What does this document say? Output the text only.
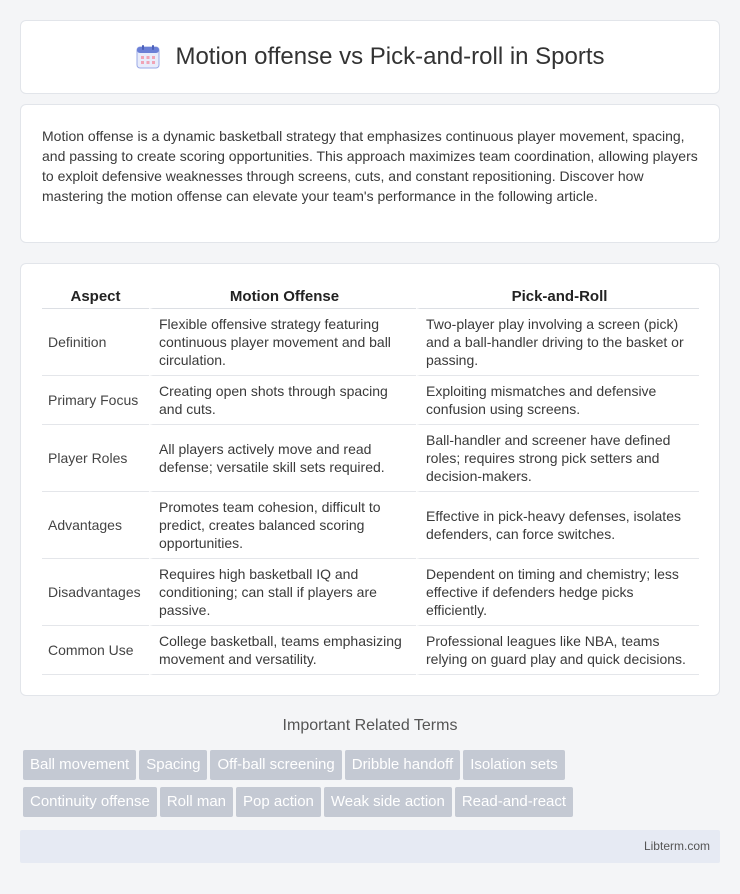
Motion offense vs Pick-and-roll in Sports

Motion offense is a dynamic basketball strategy that emphasizes continuous player movement, spacing, and passing to create scoring opportunities. This approach maximizes team coordination, allowing players to exploit defensive weaknesses through screens, cuts, and constant repositioning. Discover how mastering the motion offense can elevate your team's performance in the following article.

Aspect	Motion Offense	Pick-and-Roll
Definition	Flexible offensive strategy featuring continuous player movement and ball circulation.	Two-player play involving a screen (pick) and a ball-handler driving to the basket or passing.
Primary Focus	Creating open shots through spacing and cuts.	Exploiting mismatches and defensive confusion using screens.
Player Roles	All players actively move and read defense; versatile skill sets required.	Ball-handler and screener have defined roles; requires strong pick setters and decision-makers.
Advantages	Promotes team cohesion, difficult to predict, creates balanced scoring opportunities.	Effective in pick-heavy defenses, isolates defenders, can force switches.
Disadvantages	Requires high basketball IQ and conditioning; can stall if players are passive.	Dependent on timing and chemistry; less effective if defenders hedge picks efficiently.
Common Use	College basketball, teams emphasizing movement and versatility.	Professional leagues like NBA, teams relying on guard play and quick decisions.
Important Related Terms
Ball movement Spacing Off-ball screening Dribble handoff Isolation sets
Continuity offense Roll man Pop action Weak side action Read-and-react
Libterm.com
